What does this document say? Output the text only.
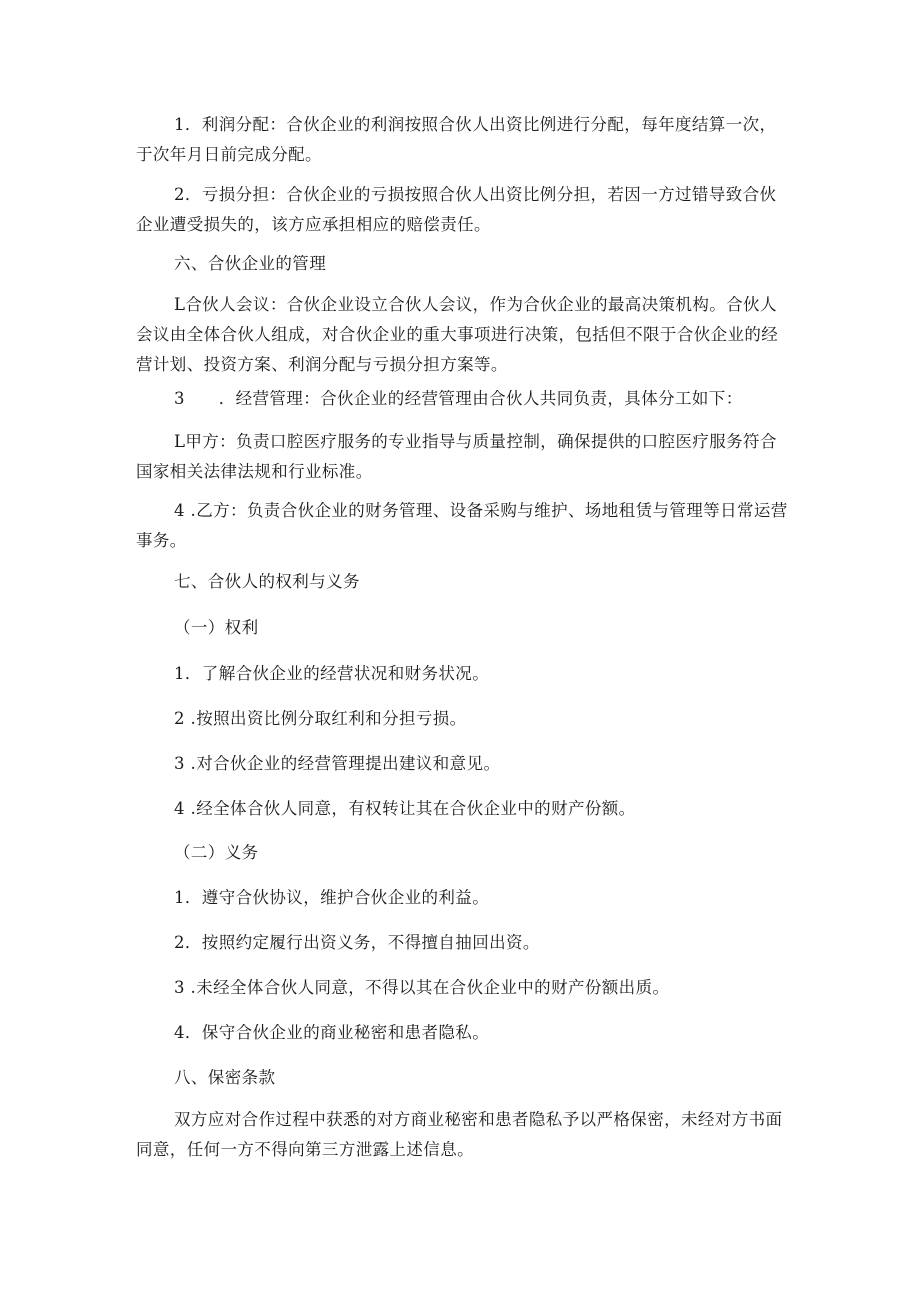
1．利润分配：合伙企业的利润按照合伙人出资比例进行分配，每年度结算一次，于次年月日前完成分配。

2．亏损分担：合伙企业的亏损按照合伙人出资比例分担，若因一方过错导致合伙企业遭受损失的，该方应承担相应的赔偿责任。

六、合伙企业的管理

L合伙人会议：合伙企业设立合伙人会议，作为合伙企业的最高决策机构。合伙人会议由全体合伙人组成，对合伙企业的重大事项进行决策，包括但不限于合伙企业的经营计划、投资方案、利润分配与亏损分担方案等。

3　　．经营管理：合伙企业的经营管理由合伙人共同负责，具体分工如下：

L甲方：负责口腔医疗服务的专业指导与质量控制，确保提供的口腔医疗服务符合国家相关法律法规和行业标准。

4 .乙方：负责合伙企业的财务管理、设备采购与维护、场地租赁与管理等日常运营事务。

七、合伙人的权利与义务

（一）权利

1．了解合伙企业的经营状况和财务状况。

2 .按照出资比例分取红利和分担亏损。

3 .对合伙企业的经营管理提出建议和意见。

4 .经全体合伙人同意，有权转让其在合伙企业中的财产份额。

（二）义务

1．遵守合伙协议，维护合伙企业的利益。

2．按照约定履行出资义务，不得擅自抽回出资。

3 .未经全体合伙人同意，不得以其在合伙企业中的财产份额出质。

4．保守合伙企业的商业秘密和患者隐私。

八、保密条款

双方应对合作过程中获悉的对方商业秘密和患者隐私予以严格保密，未经对方书面同意，任何一方不得向第三方泄露上述信息。
